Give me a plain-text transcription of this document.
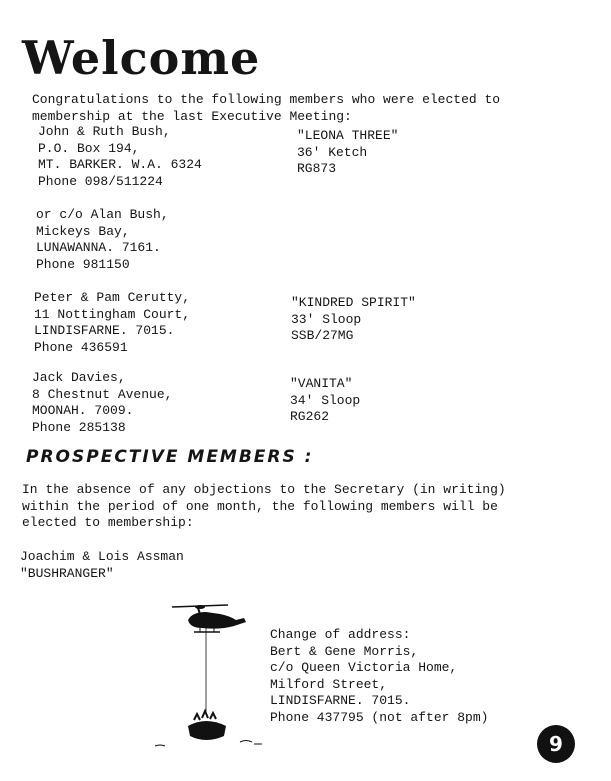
Welcome
Congratulations to the following members who were elected to
membership at the last Executive Meeting:
John & Ruth Bush,
P.O. Box 194,
MT. BARKER. W.A. 6324
Phone 098/511224
"LEONA THREE"
36' Ketch
RG873
or c/o Alan Bush,
Mickeys Bay,
LUNAWANNA. 7161.
Phone 981150
Peter & Pam Cerutty,
11 Nottingham Court,
LINDISFARNE. 7015.
Phone 436591
"KINDRED SPIRIT"
33' Sloop
SSB/27MG
Jack Davies,
8 Chestnut Avenue,
MOONAH. 7009.
Phone 285138
"VANITA"
34' Sloop
RG262
PROSPECTIVE MEMBERS :
In the absence of any objections to the Secretary (in writing)
within the period of one month, the following members will be
elected to membership:
Joachim & Lois Assman
"BUSHRANGER"
Change of address:
Bert & Gene Morris,
c/o Queen Victoria Home,
Milford Street,
LINDISFARNE. 7015.
Phone 437795 (not after 8pm)
9
